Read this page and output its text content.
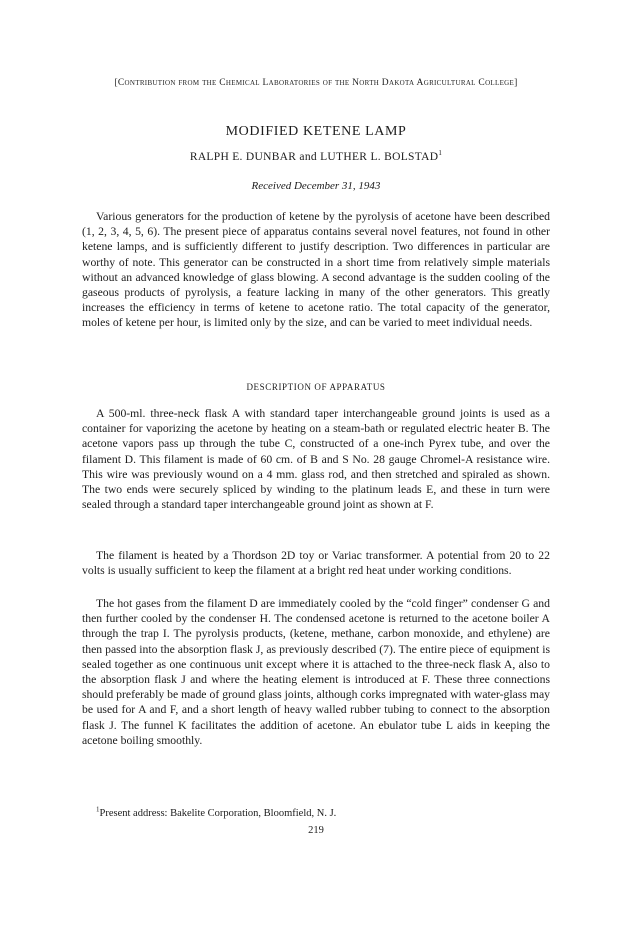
[Contribution from the Chemical Laboratories of the North Dakota Agricultural College]
MODIFIED KETENE LAMP
RALPH E. DUNBAR and LUTHER L. BOLSTAD$^1$
Received December 31, 1943

Various generators for the production of ketene by the pyrolysis of acetone have been described (1, 2, 3, 4, 5, 6). The present piece of apparatus contains several novel features, not found in other ketene lamps, and is sufficiently different to justify description. Two differences in particular are worthy of note. This generator can be constructed in a short time from relatively simple materials without an advanced knowledge of glass blowing. A second advantage is the sudden cooling of the gaseous products of pyrolysis, a feature lacking in many of the other generators. This greatly increases the efficiency in terms of ketene to acetone ratio. The total capacity of the generator, moles of ketene per hour, is limited only by the size, and can be varied to meet individual needs.

DESCRIPTION OF APPARATUS

A 500-ml. three-neck flask A with standard taper interchangeable ground joints is used as a container for vaporizing the acetone by heating on a steam-bath or regulated electric heater B. The acetone vapors pass up through the tube C, constructed of a one-inch Pyrex tube, and over the filament D. This filament is made of 60 cm. of B and S No. 28 gauge Chromel-A resistance wire. This wire was previously wound on a 4 mm. glass rod, and then stretched and spiraled as shown. The two ends were securely spliced by winding to the platinum leads E, and these in turn were sealed through a standard taper interchangeable ground joint as shown at F.

The filament is heated by a Thordson 2D toy or Variac transformer. A potential from 20 to 22 volts is usually sufficient to keep the filament at a bright red heat under working conditions.

The hot gases from the filament D are immediately cooled by the “cold finger” condenser G and then further cooled by the condenser H. The condensed acetone is returned to the acetone boiler A through the trap I. The pyrolysis products, (ketene, methane, carbon monoxide, and ethylene) are then passed into the absorption flask J, as previously described (7). The entire piece of equipment is sealed together as one continuous unit except where it is attached to the three-neck flask A, also to the absorption flask J and where the heating element is introduced at F. These three connections should preferably be made of ground glass joints, although corks impregnated with water-glass may be used for A and F, and a short length of heavy walled rubber tubing to connect to the absorption flask J. The funnel K facilitates the addition of acetone. An ebulator tube L aids in keeping the acetone boiling smoothly.

$^1$Present address: Bakelite Corporation, Bloomfield, N. J.
219
